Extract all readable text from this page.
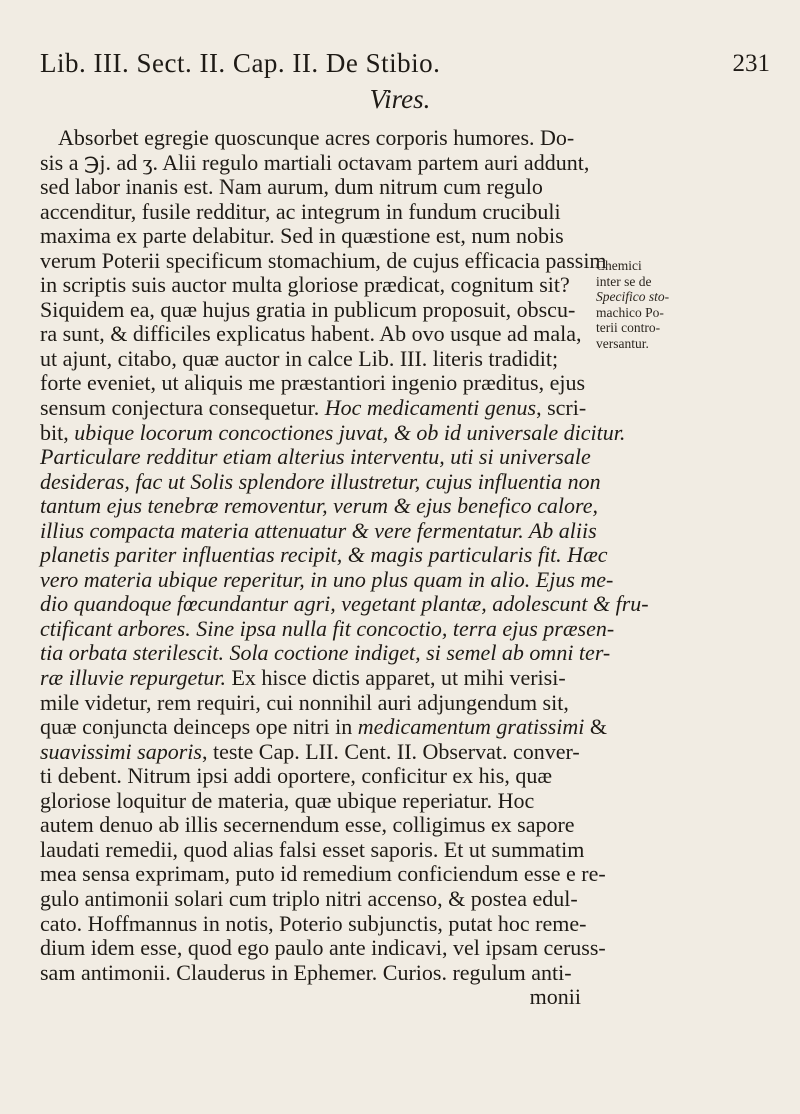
Lib. III. Sect. II. Cap. II. De Stibio.	231
Vires.
Absorbet egregie quoscunque acres corporis humores. Do-
sis a ℈j. ad ʒ. Alii regulo martiali octavam partem auri addunt,
sed labor inanis est. Nam aurum, dum nitrum cum regulo
accenditur, fusile redditur, ac integrum in fundum crucibuli
maxima ex parte delabitur. Sed in quæstione est, num nobis
verum Poterii specificum stomachium, de cujus efficacia passim
in scriptis suis auctor multa gloriose prædicat, cognitum sit?
Siquidem ea, quæ hujus gratia in publicum proposuit, obscu-
ra sunt, & difficiles explicatus habent. Ab ovo usque ad mala,
ut ajunt, citabo, quæ auctor in calce Lib. III. literis tradidit;
forte eveniet, ut aliquis me præstantiori ingenio præditus, ejus
sensum conjectura consequetur. Hoc medicamenti genus, scri-
bit, ubique locorum concoctiones juvat, & ob id universale dicitur.
Particulare redditur etiam alterius interventu, uti si universale
desideras, fac ut Solis splendore illustretur, cujus influentia non
tantum ejus tenebræ removentur, verum & ejus benefico calore,
illius compacta materia attenuatur & vere fermentatur. Ab aliis
planetis pariter influentias recipit, & magis particularis fit. Hæc
vero materia ubique reperitur, in uno plus quam in alio. Ejus me-
dio quandoque fœcundantur agri, vegetant plantæ, adolescunt & fru-
ctificant arbores. Sine ipsa nulla fit concoctio, terra ejus præsen-
tia orbata sterilescit. Sola coctione indiget, si semel ab omni ter-
ræ illuvie repurgetur. Ex hisce dictis apparet, ut mihi verisi-
mile videtur, rem requiri, cui nonnihil auri adjungendum sit,
quæ conjuncta deinceps ope nitri in medicamentum gratissimi &
suavissimi saporis, teste Cap. LII. Cent. II. Observat. conver-
ti debent. Nitrum ipsi addi oportere, conficitur ex his, quæ
gloriose loquitur de materia, quæ ubique reperiatur. Hoc
autem denuo ab illis secernendum esse, colligimus ex sapore
laudati remedii, quod alias falsi esset saporis. Et ut summatim
mea sensa exprimam, puto id remedium conficiendum esse e re-
gulo antimonii solari cum triplo nitri accenso, & postea edul-
cato. Hoffmannus in notis, Poterio subjunctis, putat hoc reme-
dium idem esse, quod ego paulo ante indicavi, vel ipsam ceruss-
sam antimonii. Clauderus in Ephemer. Curios. regulum anti-
monii
Chemici
inter se de
Specifico sto-
machico Po-
terii contro-
versantur.
